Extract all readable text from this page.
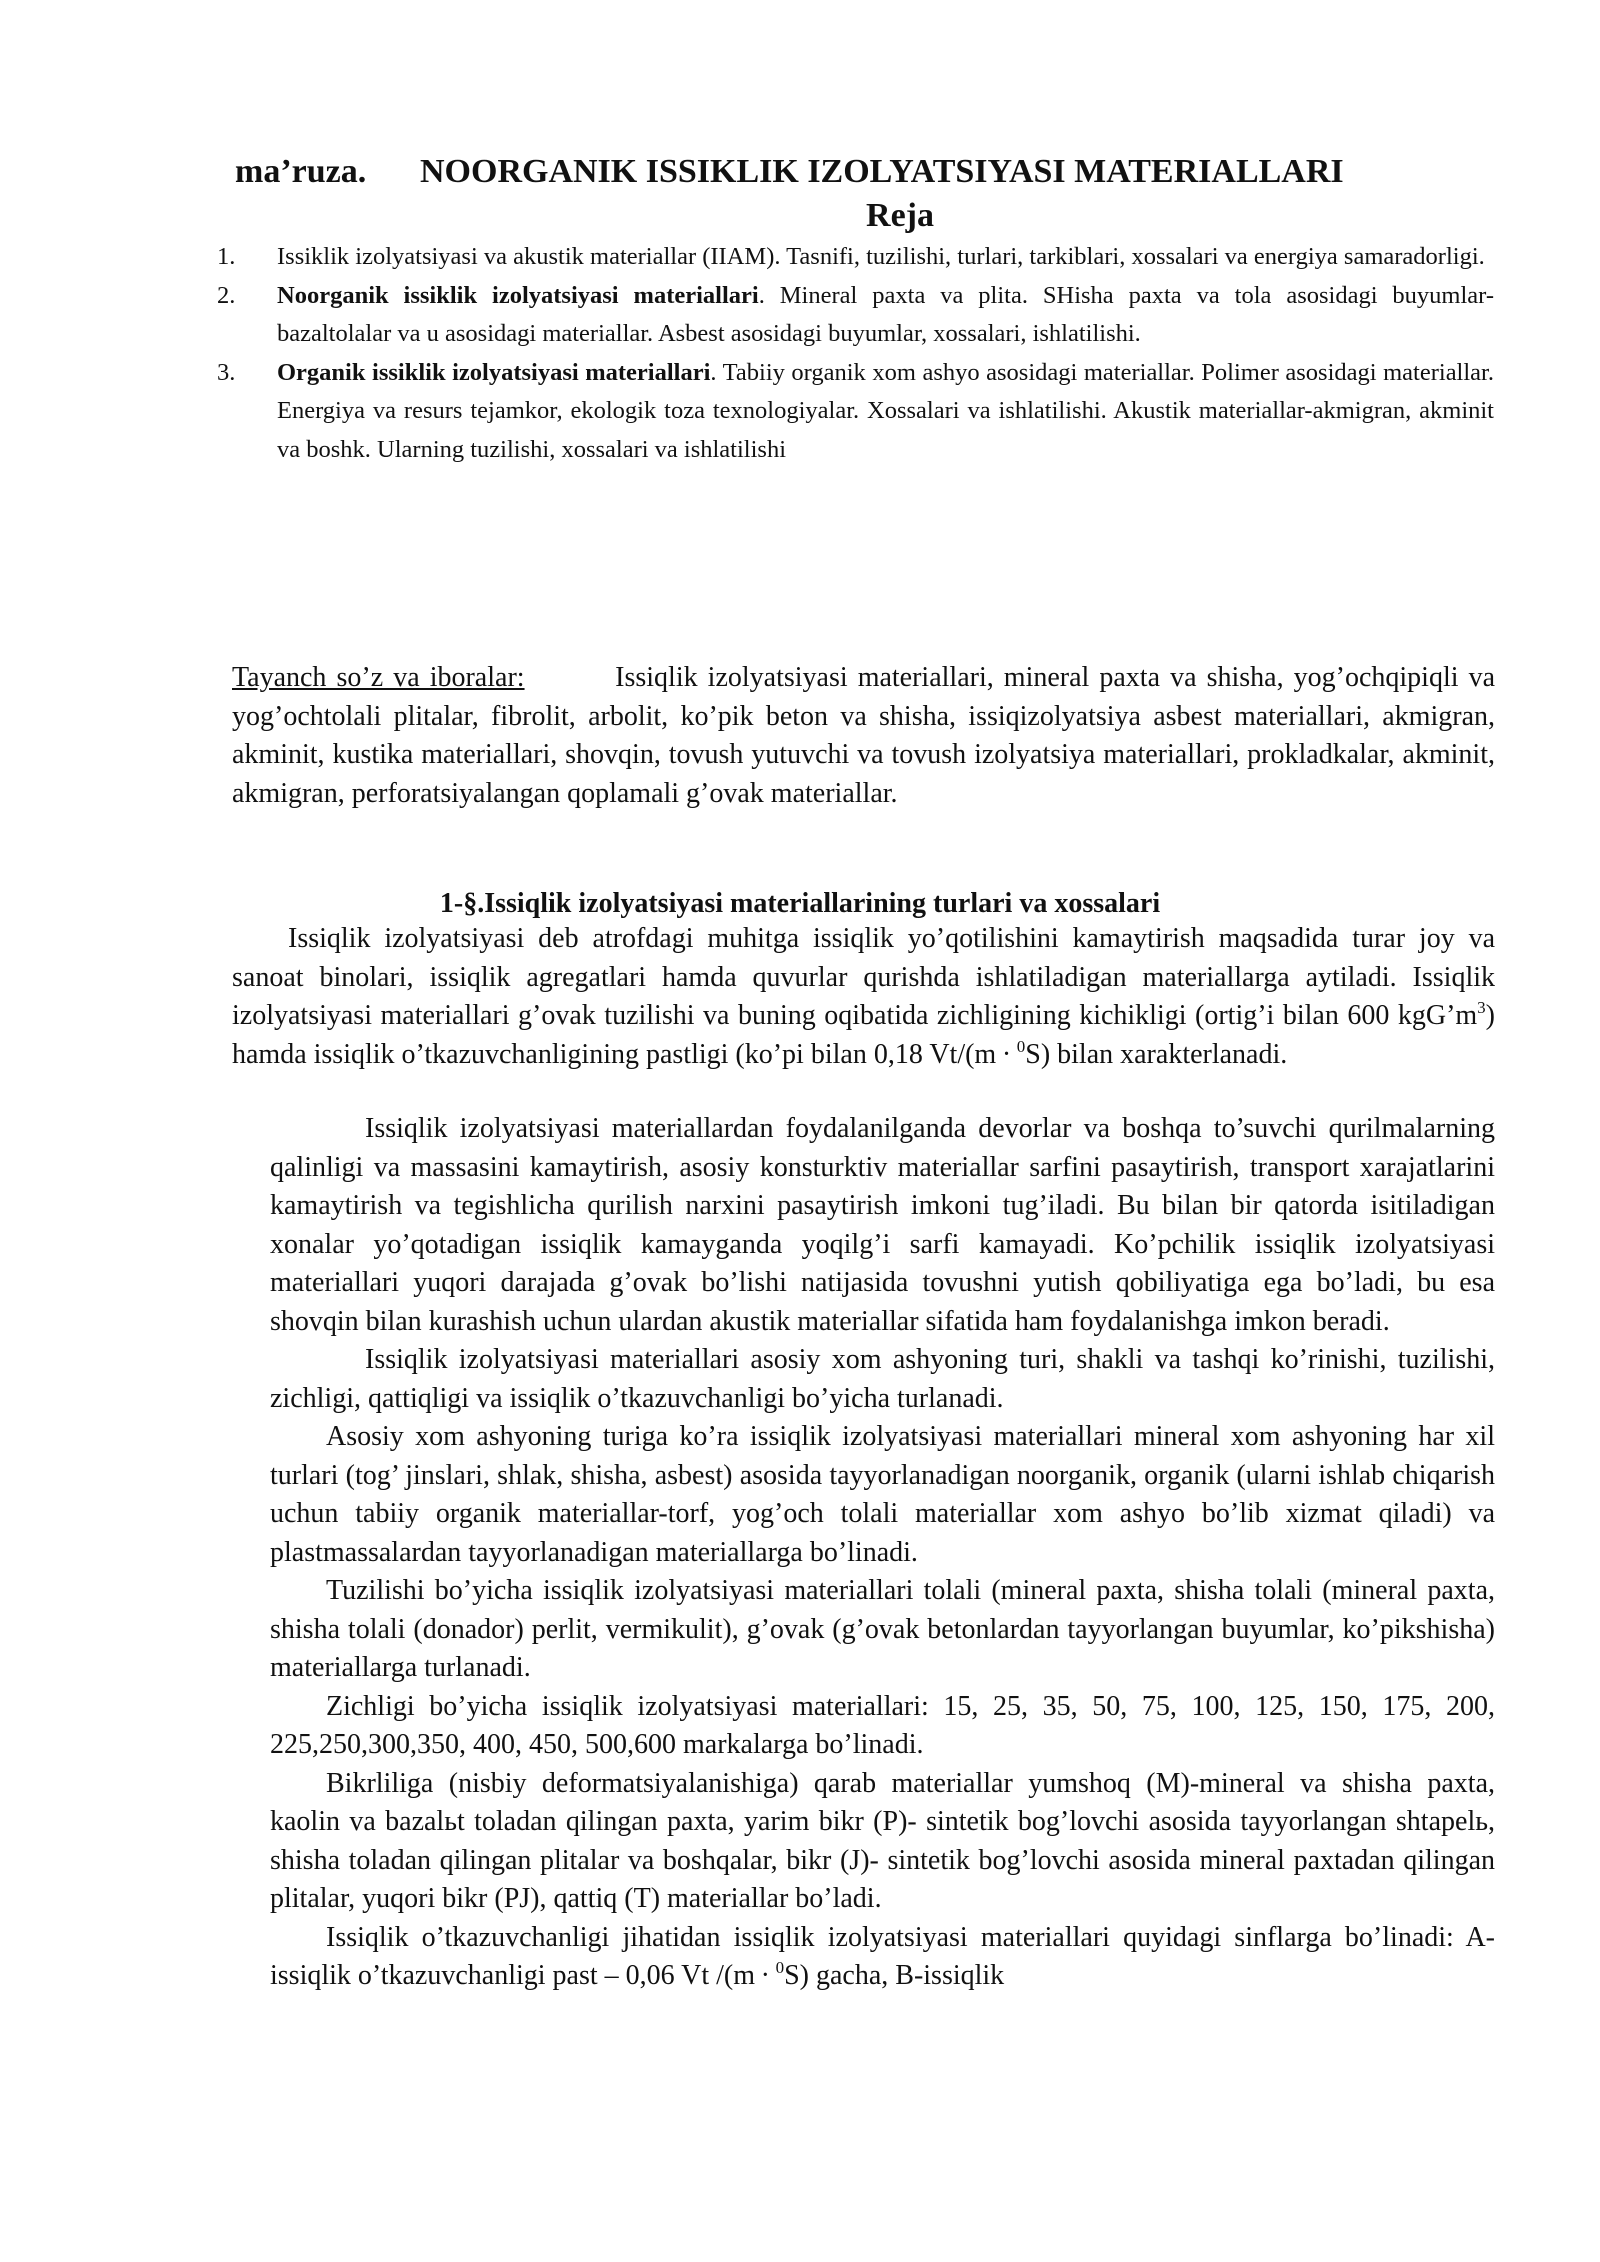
ma’ruza. NOORGANIK ISSIKLIK IZOLYATSIYASI MATERIALLARI
Reja
1. Issiklik izolyatsiyasi va akustik materiallar (IIAM). Tasnifi, tuzilishi, turlari, tarkiblari, xossalari va energiya samaradorligi.
2. Noorganik issiklik izolyatsiyasi materiallari. Mineral paxta va plita. SHisha paxta va tola asosidagi buyumlar- bazaltolalar va u asosidagi materiallar. Asbest asosidagi buyumlar, xossalari, ishlatilishi.
3. Organik issiklik izolyatsiyasi materiallari. Tabiiy organik xom ashyo asosidagi materiallar. Polimer asosidagi materiallar. Energiya va resurs tejamkor, ekologik toza texnologiyalar. Xossalari va ishlatilishi. Akustik materiallar-akmigran, akminit va boshk. Ularning tuzilishi, xossalari va ishlatilishi

Tayanch so’z va iboralar:	Issiqlik izolyatsiyasi materiallari, mineral paxta va shisha, yog’ochqipiqli va yog’ochtolali plitalar, fibrolit, arbolit, ko’pik beton va shisha, issiqizolyatsiya asbest materiallari, akmigran, akminit, kustika materiallari, shovqin, tovush yutuvchi va tovush izolyatsiya materiallari, prokladkalar, akminit, akmigran, perforatsiyalangan qoplamali g’ovak materiallar.

1-§.Issiqlik izolyatsiyasi materiallarining turlari va xossalari

Issiqlik izolyatsiyasi deb atrofdagi muhitga issiqlik yo’qotilishini kamaytirish maqsadida turar joy va sanoat binolari, issiqlik agregatlari hamda quvurlar qurishda ishlatiladigan materiallarga aytiladi. Issiqlik izolyatsiyasi materiallari g’ovak tuzilishi va buning oqibatida zichligining kichikligi (ortig’i bilan 600 $kgG’m^3$) hamda issiqlik o’tkazuvchanligining pastligi (ko’pi bilan 0,18 Vt/(m  ·  $^0$S) bilan xarakterlanadi.

Issiqlik izolyatsiyasi materiallardan foydalanilganda devorlar va boshqa to’suvchi qurilmalarning qalinligi va massasini kamaytirish, asosiy konsturktiv materiallar sarfini pasaytirish, transport xarajatlarini kamaytirish va tegishlicha qurilish narxini pasaytirish imkoni tug’iladi. Bu bilan bir qatorda isitiladigan xonalar yo’qotadigan issiqlik kamayganda yoqilg’i sarfi kamayadi. Ko’pchilik issiqlik izolyatsiyasi materiallari yuqori darajada g’ovak bo’lishi natijasida tovushni yutish qobiliyatiga ega bo’ladi, bu esa shovqin bilan kurashish uchun ulardan akustik materiallar sifatida ham foydalanishga imkon beradi.

Issiqlik izolyatsiyasi materiallari asosiy xom ashyoning turi, shakli va tashqi ko’rinishi, tuzilishi, zichligi, qattiqligi va issiqlik o’tkazuvchanligi bo’yicha turlanadi.

Asosiy xom ashyoning turiga ko’ra issiqlik izolyatsiyasi materiallari mineral xom ashyoning har xil turlari (tog’ jinslari, shlak, shisha, asbest) asosida tayyorlanadigan noorganik, organik (ularni ishlab chiqarish uchun tabiiy organik materiallar-torf, yog’och tolali materiallar xom ashyo bo’lib xizmat qiladi) va plastmassalardan tayyorlanadigan materiallarga bo’linadi.

Tuzilishi bo’yicha issiqlik izolyatsiyasi materiallari tolali (mineral paxta, shisha tolali (mineral paxta, shisha tolali (donador) perlit, vermikulit), g’ovak (g’ovak betonlardan tayyorlangan buyumlar, ko’pikshisha) materiallarga turlanadi.

Zichligi bo’yicha issiqlik izolyatsiyasi materiallari: 15, 25, 35, 50, 75, 100, 125, 150, 175, 200, 225,250,300,350, 400, 450, 500,600 markalarga bo’linadi.

Bikrliliga (nisbiy deformatsiyalanishiga) qarab materiallar yumshoq (M)-mineral va shisha paxta, kaolin va bazalьt toladan qilingan paxta, yarim bikr (P)- sintetik bog’lovchi asosida tayyorlangan shtapelь, shisha toladan qilingan plitalar va boshqalar, bikr (J)- sintetik bog’lovchi asosida mineral paxtadan qilingan plitalar, yuqori bikr (PJ), qattiq (T) materiallar bo’ladi.

Issiqlik o’tkazuvchanligi jihatidan issiqlik izolyatsiyasi materiallari quyidagi sinflarga bo’linadi: A- issiqlik o’tkazuvchanligi past – 0,06 Vt /(m  ·  $^0$S) gacha, B-issiqlik
